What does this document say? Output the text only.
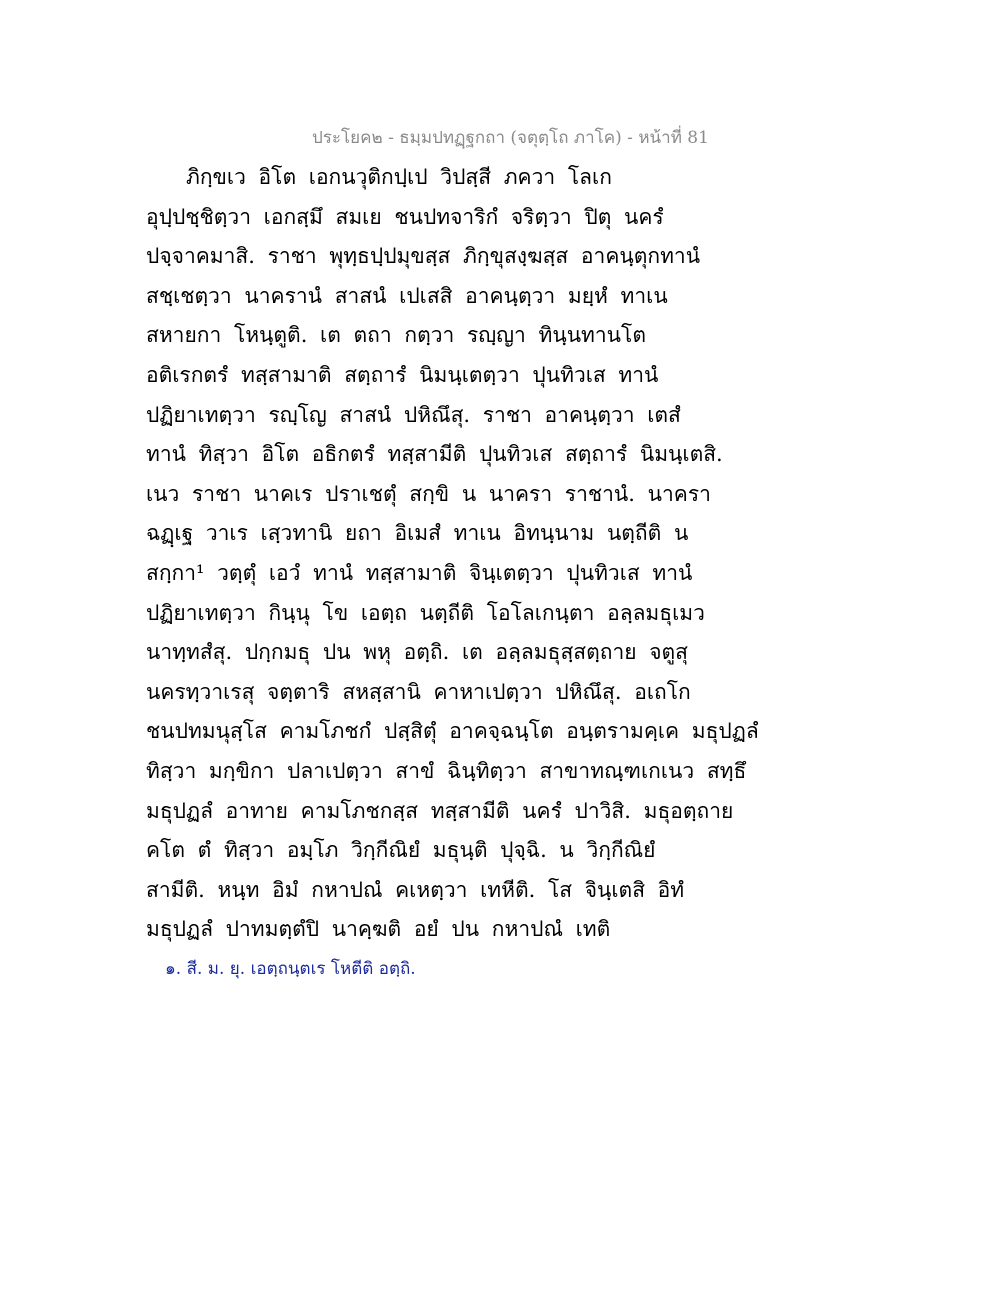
ประโยค๒ - ธมฺมปทฏฺฐกถา (จตุตฺโถ ภาโค) - หน้าที่ 81
ภิกฺขเว อิโต เอกนวุติกปฺเป วิปสฺสี ภควา โลเก
อุปฺปชฺชิตฺวา เอกสฺมึ สมเย ชนปทจาริกํ จริตฺวา ปิตุ นครํ
ปจฺจาคมาสิ. ราชา พุทฺธปฺปมุขสฺส ภิกฺขุสงฺฆสฺส อาคนฺตุกทานํ
สชฺเชตฺวา นาครานํ สาสนํ เปเสสิ อาคนฺตฺวา มยฺหํ ทาเน
สหายกา โหนฺตูติ. เต ตถา กตฺวา รญฺญา ทินฺนทานโต
อติเรกตรํ ทสฺสามาติ สตฺถารํ นิมนฺเตตฺวา ปุนทิวเส ทานํ
ปฏิยาเทตฺวา รญฺโญ สาสนํ ปหิณึสุ. ราชา อาคนฺตฺวา เตสํ
ทานํ ทิสฺวา อิโต อธิกตรํ ทสฺสามีติ ปุนทิวเส สตฺถารํ นิมนฺเตสิ.
เนว ราชา นาคเร ปราเชตุํ สกฺขิ น นาครา ราชานํ. นาครา
ฉฏฺเฐ วาเร เสฺวทานิ ยถา อิเมสํ ทาเน อิทนฺนาม นตฺถีติ น
สกฺกา¹ วตฺตุํ เอวํ ทานํ ทสฺสามาติ จินฺเตตฺวา ปุนทิวเส ทานํ
ปฏิยาเทตฺวา กินฺนุ โข เอตฺถ นตฺถีติ โอโลเกนฺตา อลฺลมธุเมว
นาทฺทสํสุ. ปกฺกมธุ ปน พหุ อตฺถิ. เต อลฺลมธุสฺสตฺถาย จตูสุ
นครทฺวาเรสุ จตฺตาริ สหสฺสานิ คาหาเปตฺวา ปหิณึสุ. อเถโก
ชนปทมนุสฺโส คามโภชกํ ปสฺสิตุํ อาคจฺฉนฺโต อนฺตรามคฺเค มธุปฏลํ
ทิสฺวา มกฺขิกา ปลาเปตฺวา สาขํ ฉินฺทิตฺวา สาขาทณฺฑเกเนว สทฺธึ
มธุปฏลํ อาทาย คามโภชกสฺส ทสฺสามีติ นครํ ปาวิสิ. มธุอตฺถาย
คโต ตํ ทิสฺวา อมฺโภ วิกฺกีณิยํ มธุนฺติ ปุจฺฉิ. น วิกฺกีณิยํ
สามีติ. หนฺท อิมํ กหาปณํ คเหตฺวา เทหีติ. โส จินฺเตสิ อิทํ
มธุปฏลํ ปาทมตฺตํปิ นาคฺฆติ อยํ ปน กหาปณํ เทติ
๑. สี. ม. ยุ. เอตฺถนฺตเร โหตีติ อตฺถิ.
